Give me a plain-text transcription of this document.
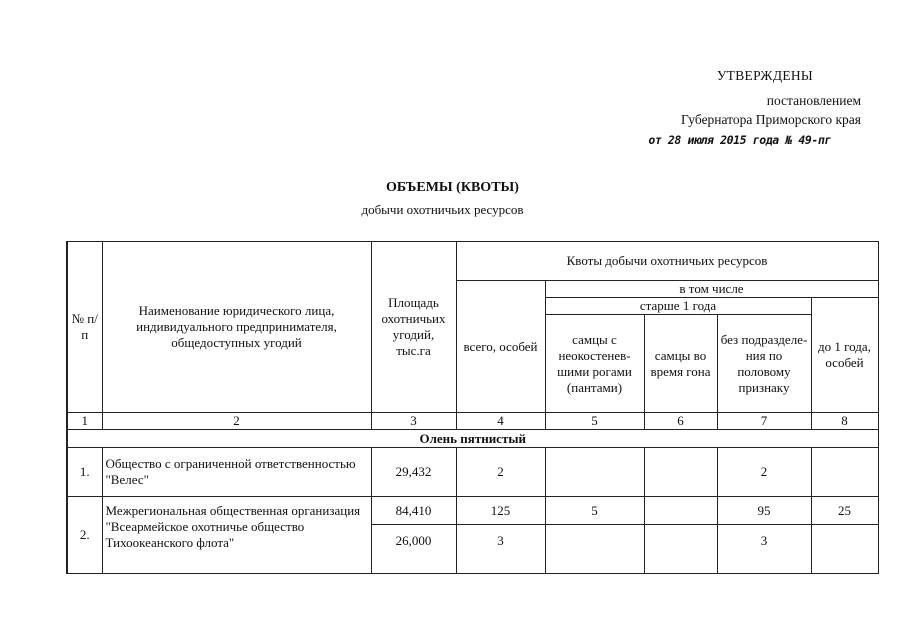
УТВЕРЖДЕНЫ
постановлением
Губернатора Приморского края
от 28 июля 2015 года № 49-пг
ОБЪЕМЫ (КВОТЫ)
добычи охотничьих ресурсов
№ п/п	Наименование юридического лица, индивидуального предпринимателя, общедоступных угодий	Площадь охотничьих угодий, тыс.га	Квоты добычи охотничьих ресурсов				
			всего, особей	в том числе			
				старше 1 года			до 1 года, особей
				самцы с неокостенев-шими рогами (пантами)	самцы во время гона	без подразделе-ния по половому признаку	
1	2	3	4	5	6	7	8
Олень пятнистый							
1.	Общество с ограниченной ответственностью "Велес"	29,432	2			2	
2.	Межрегиональная общественная организация "Всеармейское охотничье общество Тихоокеанского флота"	84,410	125	5		95	25
		26,000	3			3	
